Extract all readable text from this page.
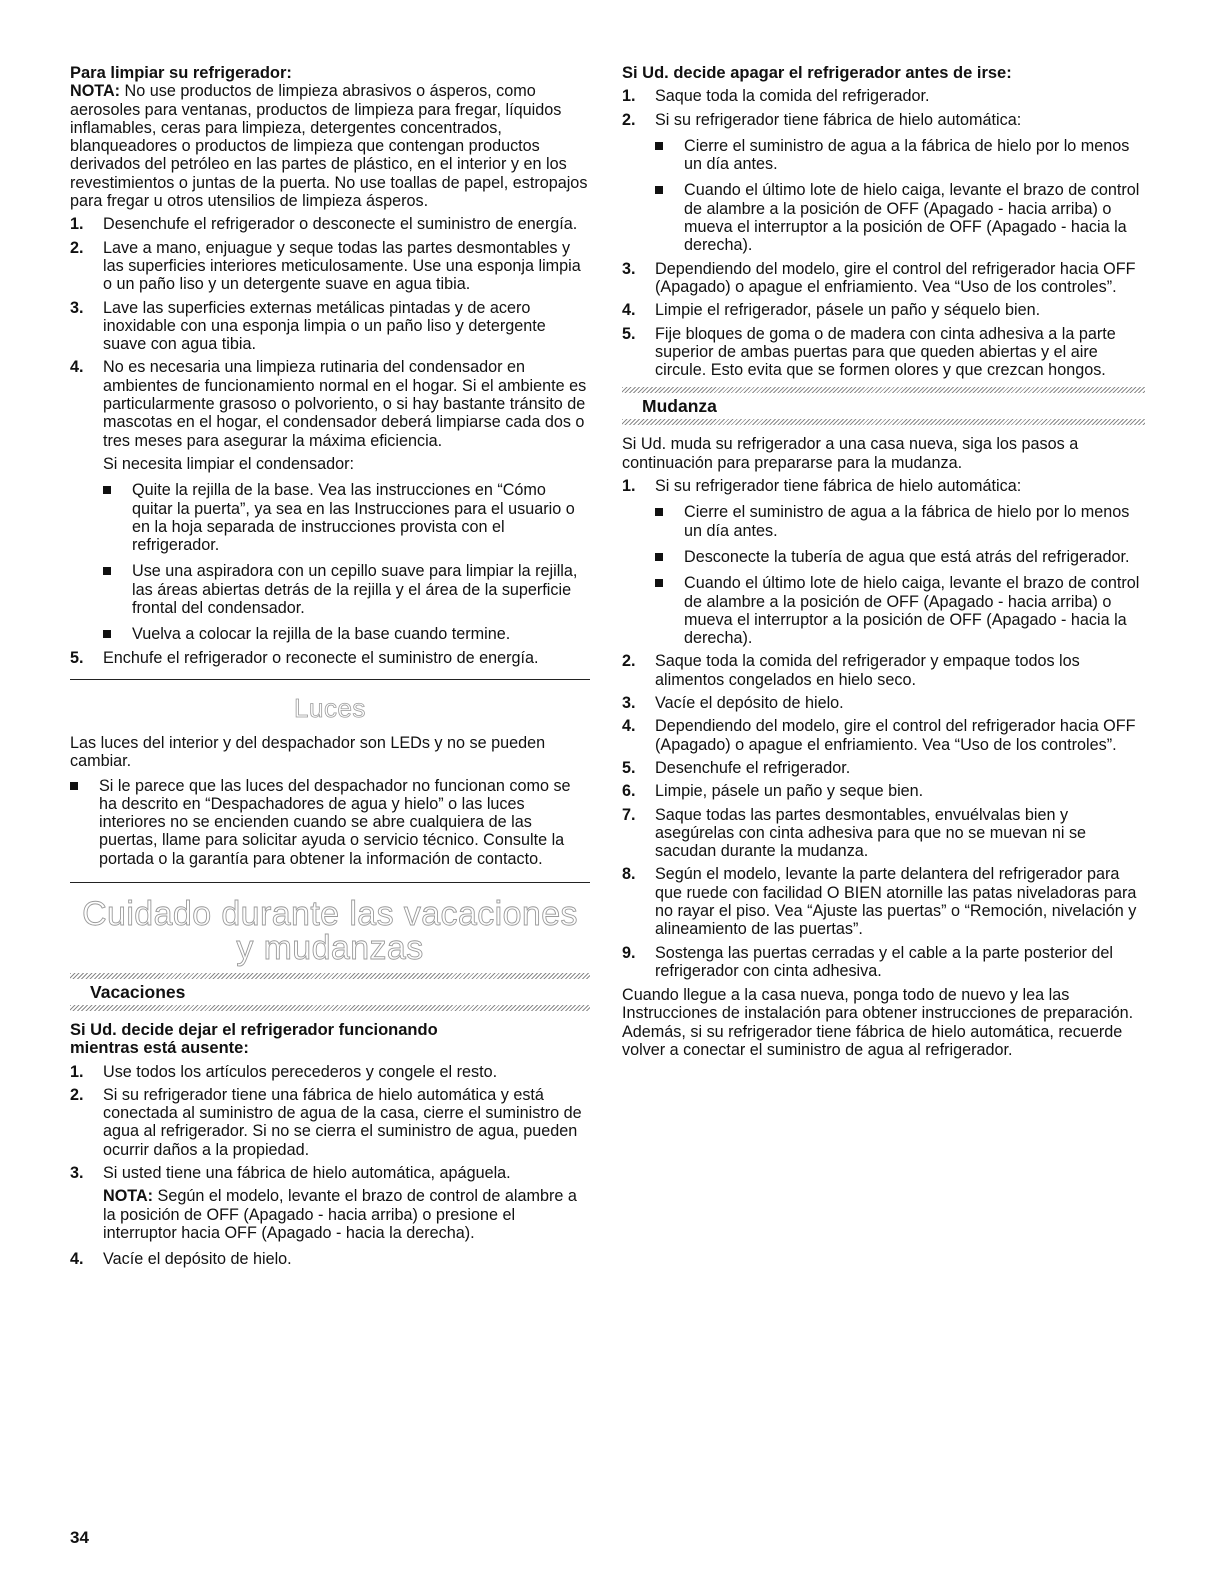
Para limpiar su refrigerador:

NOTA: No use productos de limpieza abrasivos o ásperos, como aerosoles para ventanas, productos de limpieza para fregar, líquidos inflamables, ceras para limpieza, detergentes concentrados, blanqueadores o productos de limpieza que contengan productos derivados del petróleo en las partes de plástico, en el interior y en los revestimientos o juntas de la puerta. No use toallas de papel, estropajos para fregar u otros utensilios de limpieza ásperos.

1. Desenchufe el refrigerador o desconecte el suministro de energía.
2. Lave a mano, enjuague y seque todas las partes desmontables y las superficies interiores meticulosamente. Use una esponja limpia o un paño liso y un detergente suave en agua tibia.
3. Lave las superficies externas metálicas pintadas y de acero inoxidable con una esponja limpia o un paño liso y detergente suave con agua tibia.
4. No es necesaria una limpieza rutinaria del condensador en ambientes de funcionamiento normal en el hogar. Si el ambiente es particularmente grasoso o polvoriento, o si hay bastante tránsito de mascotas en el hogar, el condensador deberá limpiarse cada dos o tres meses para asegurar la máxima eficiencia.

Si necesita limpiar el condensador:

Quite la rejilla de la base. Vea las instrucciones en “Cómo quitar la puerta”, ya sea en las Instrucciones para el usuario o en la hoja separada de instrucciones provista con el refrigerador.
Use una aspiradora con un cepillo suave para limpiar la rejilla, las áreas abiertas detrás de la rejilla y el área de la superficie frontal del condensador.
Vuelva a colocar la rejilla de la base cuando termine.
5. Enchufe el refrigerador o reconecte el suministro de energía.
Luces

Las luces del interior y del despachador son LEDs y no se pueden cambiar.

Si le parece que las luces del despachador no funcionan como se ha descrito en “Despachadores de agua y hielo” o las luces interiores no se encienden cuando se abre cualquiera de las puertas, llame para solicitar ayuda o servicio técnico. Consulte la portada o la garantía para obtener la información de contacto.
Cuidado durante las vacaciones
y mudanzas
Vacaciones
Si Ud. decide dejar el refrigerador funcionando mientras está ausente:
1. Use todos los artículos perecederos y congele el resto.
2. Si su refrigerador tiene una fábrica de hielo automática y está conectada al suministro de agua de la casa, cierre el suministro de agua al refrigerador. Si no se cierra el suministro de agua, pueden ocurrir daños a la propiedad.
3. Si usted tiene una fábrica de hielo automática, apáguela.

NOTA: Según el modelo, levante el brazo de control de alambre a la posición de OFF (Apagado - hacia arriba) o presione el interruptor hacia OFF (Apagado - hacia la derecha).

4. Vacíe el depósito de hielo.
Si Ud. decide apagar el refrigerador antes de irse:
1. Saque toda la comida del refrigerador.
2. Si su refrigerador tiene fábrica de hielo automática:
Cierre el suministro de agua a la fábrica de hielo por lo menos un día antes.
Cuando el último lote de hielo caiga, levante el brazo de control de alambre a la posición de OFF (Apagado - hacia arriba) o mueva el interruptor a la posición de OFF (Apagado - hacia la derecha).
3. Dependiendo del modelo, gire el control del refrigerador hacia OFF (Apagado) o apague el enfriamiento. Vea “Uso de los controles”.
4. Limpie el refrigerador, pásele un paño y séquelo bien.
5. Fije bloques de goma o de madera con cinta adhesiva a la parte superior de ambas puertas para que queden abiertas y el aire circule. Esto evita que se formen olores y que crezcan hongos.
Mudanza

Si Ud. muda su refrigerador a una casa nueva, siga los pasos a continuación para prepararse para la mudanza.

1. Si su refrigerador tiene fábrica de hielo automática:
Cierre el suministro de agua a la fábrica de hielo por lo menos un día antes.
Desconecte la tubería de agua que está atrás del refrigerador.
Cuando el último lote de hielo caiga, levante el brazo de control de alambre a la posición de OFF (Apagado - hacia arriba) o mueva el interruptor a la posición de OFF (Apagado - hacia la derecha).
2. Saque toda la comida del refrigerador y empaque todos los alimentos congelados en hielo seco.
3. Vacíe el depósito de hielo.
4. Dependiendo del modelo, gire el control del refrigerador hacia OFF (Apagado) o apague el enfriamiento. Vea “Uso de los controles”.
5. Desenchufe el refrigerador.
6. Limpie, pásele un paño y seque bien.
7. Saque todas las partes desmontables, envuélvalas bien y asegúrelas con cinta adhesiva para que no se muevan ni se sacudan durante la mudanza.
8. Según el modelo, levante la parte delantera del refrigerador para que ruede con facilidad O BIEN atornille las patas niveladoras para no rayar el piso. Vea “Ajuste las puertas” o “Remoción, nivelación y alineamiento de las puertas”.
9. Sostenga las puertas cerradas y el cable a la parte posterior del refrigerador con cinta adhesiva.

Cuando llegue a la casa nueva, ponga todo de nuevo y lea las Instrucciones de instalación para obtener instrucciones de preparación. Además, si su refrigerador tiene fábrica de hielo automática, recuerde volver a conectar el suministro de agua al refrigerador.

34
